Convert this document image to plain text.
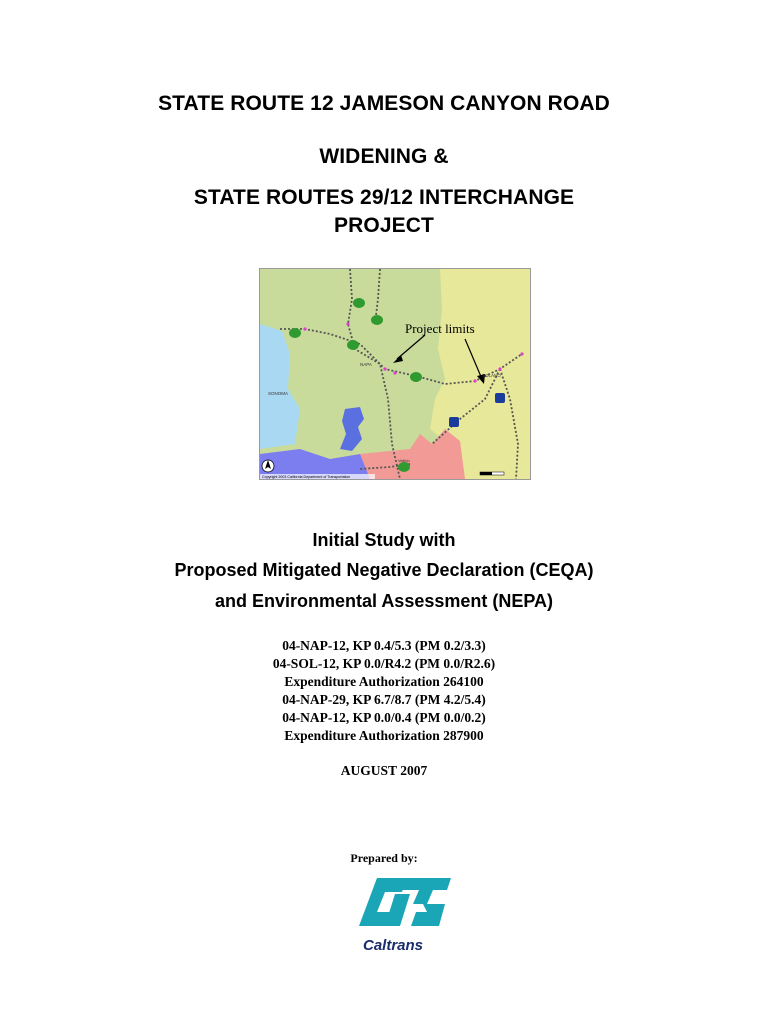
STATE ROUTE 12 JAMESON CANYON ROAD
WIDENING &
STATE ROUTES 29/12 INTERCHANGE
PROJECT
Project limits
SONOMA
NAPA
SOLANO
Vallejo
Copyright 2003 California Department of Transportation
Initial Study with
Proposed Mitigated Negative Declaration (CEQA)
and Environmental Assessment (NEPA)
04-NAP-12, KP 0.4/5.3 (PM 0.2/3.3)
04-SOL-12, KP 0.0/R4.2 (PM 0.0/R2.6)
Expenditure Authorization 264100
04-NAP-29, KP 6.7/8.7 (PM 4.2/5.4)
04-NAP-12, KP 0.0/0.4 (PM 0.0/0.2)
Expenditure Authorization 287900

AUGUST 2007

Prepared by:

Caltrans
